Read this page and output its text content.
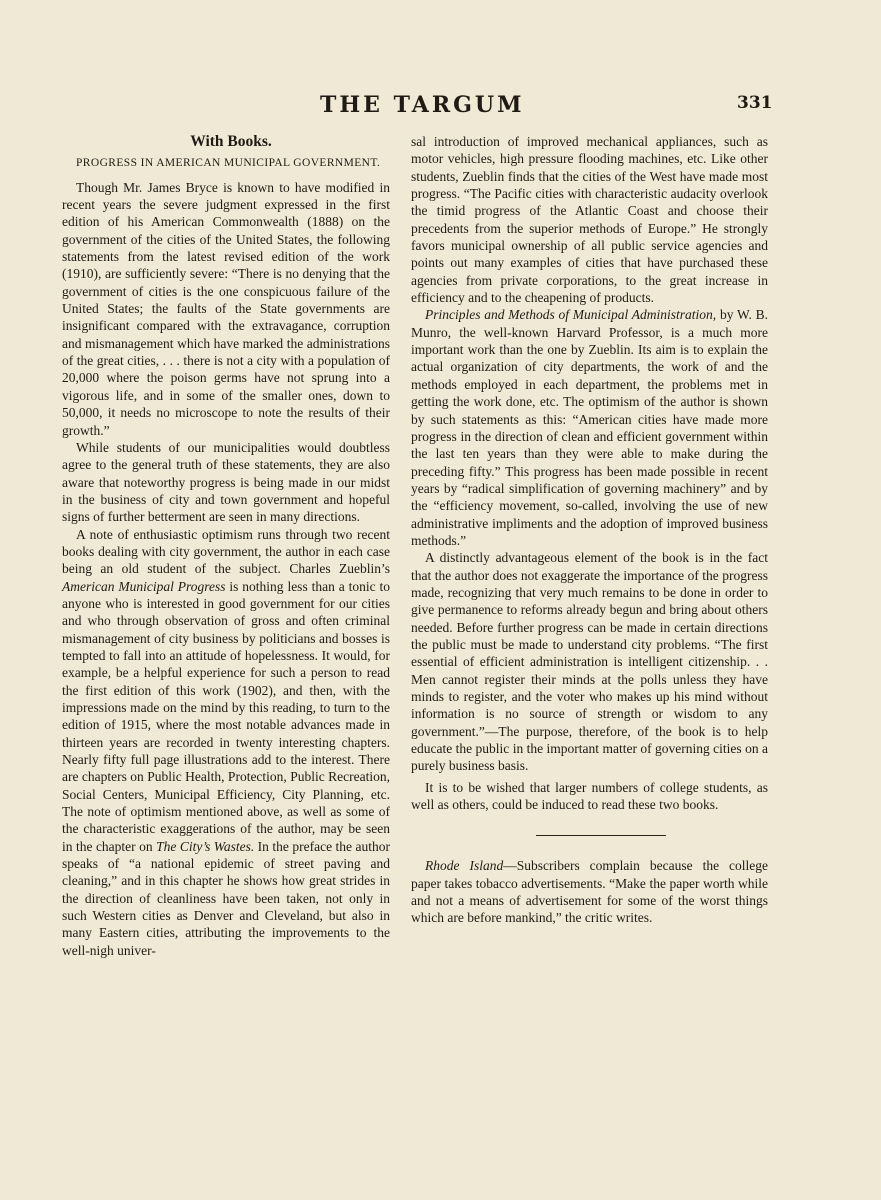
THE TARGUM	331
With Books.
PROGRESS IN AMERICAN MUNICIPAL GOVERNMENT.

Though Mr. James Bryce is known to have modified in recent years the severe judgment expressed in the first edition of his American Commonwealth (1888) on the government of the cities of the United States, the following statements from the latest revised edition of the work (1910), are sufficiently severe: “There is no denying that the government of cities is the one conspicuous failure of the United States; the faults of the State governments are insignificant compared with the extravagance, corruption and mismanagement which have marked the administrations of the great cities, . . . there is not a city with a population of 20,000 where the poison germs have not sprung into a vigorous life, and in some of the smaller ones, down to 50,000, it needs no microscope to note the results of their growth.”

While students of our municipalities would doubtless agree to the general truth of these statements, they are also aware that noteworthy progress is being made in our midst in the business of city and town government and hopeful signs of further betterment are seen in many directions.

A note of enthusiastic optimism runs through two recent books dealing with city government, the author in each case being an old student of the subject. Charles Zueblin’s American Municipal Progress is nothing less than a tonic to anyone who is interested in good government for our cities and who through observation of gross and often criminal mismanagement of city business by politicians and bosses is tempted to fall into an attitude of hopelessness. It would, for example, be a helpful experience for such a person to read the first edition of this work (1902), and then, with the impressions made on the mind by this reading, to turn to the edition of 1915, where the most notable advances made in thirteen years are recorded in twenty interesting chapters. Nearly fifty full page illustrations add to the interest. There are chapters on Public Health, Protection, Public Recreation, Social Centers, Municipal Efficiency, City Planning, etc. The note of optimism mentioned above, as well as some of the characteristic exaggerations of the author, may be seen in the chapter on The City’s Wastes. In the preface the author speaks of “a national epidemic of street paving and cleaning,” and in this chapter he shows how great strides in the direction of cleanliness have been taken, not only in such Western cities as Denver and Cleveland, but also in many Eastern cities, attributing the improvements to the well-nigh univer-

sal introduction of improved mechanical appliances, such as motor vehicles, high pressure flooding machines, etc. Like other students, Zueblin finds that the cities of the West have made most progress. “The Pacific cities with characteristic audacity overlook the timid progress of the Atlantic Coast and choose their precedents from the superior methods of Europe.” He strongly favors municipal ownership of all public service agencies and points out many examples of cities that have purchased these agencies from private corporations, to the great increase in efficiency and to the cheapening of products.

Principles and Methods of Municipal Administration, by W. B. Munro, the well-known Harvard Professor, is a much more important work than the one by Zueblin. Its aim is to explain the actual organization of city departments, the work of and the methods employed in each department, the problems met in getting the work done, etc. The optimism of the author is shown by such statements as this: “American cities have made more progress in the direction of clean and efficient government within the last ten years than they were able to make during the preceding fifty.” This progress has been made possible in recent years by “radical simplification of governing machinery” and by the “efficiency movement, so-called, involving the use of new administrative impliments and the adoption of improved business methods.”

A distinctly advantageous element of the book is in the fact that the author does not exaggerate the importance of the progress made, recognizing that very much remains to be done in order to give permanence to reforms already begun and bring about others needed. Before further progress can be made in certain directions the public must be made to understand city problems. “The first essential of efficient administration is intelligent citizenship. . . Men cannot register their minds at the polls unless they have minds to register, and the voter who makes up his mind without information is no source of strength or wisdom to any government.”—The purpose, therefore, of the book is to help educate the public in the important matter of governing cities on a purely business basis.

It is to be wished that larger numbers of college students, as well as others, could be induced to read these two books.

Rhode Island—Subscribers complain because the college paper takes tobacco advertisements. “Make the paper worth while and not a means of advertisement for some of the worst things which are before mankind,” the critic writes.
